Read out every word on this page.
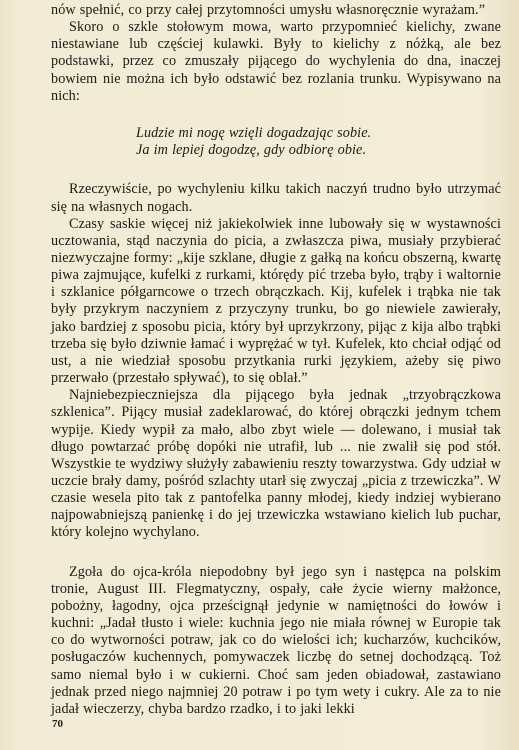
nów spełnić, co przy całej przytomności umysłu własnoręcznie wyrażam.”

Skoro o szkle stołowym mowa, warto przypomnieć kielichy, zwane niestawiane lub częściej kulawki. Były to kielichy z nóżką, ale bez podstawki, przez co zmuszały pijącego do wychylenia do dna, inaczej bowiem nie można ich było odstawić bez rozlania trunku. Wypisywano na nich:

Ludzie mi nogę wzięli dogadzając sobie.
Ja im lepiej dogodzę, gdy odbiorę obie.

Rzeczywiście, po wychyleniu kilku takich naczyń trudno było utrzymać się na własnych nogach.

Czasy saskie więcej niż jakiekolwiek inne lubowały się w wystawności ucztowania, stąd naczynia do picia, a zwłaszcza piwa, musiały przybierać niezwyczajne formy: „kije szklane, długie z gałką na końcu obszerną, kwartę piwa zajmujące, kufelki z rurkami, którędy pić trzeba było, trąby i waltornie i szklanice półgarncowe o trzech obrączkach. Kij, kufelek i trąbka nie tak były przykrym naczyniem z przyczyny trunku, bo go niewiele zawierały, jako bardziej z sposobu picia, który był uprzykrzony, pijąc z kija albo trąbki trzeba się było dziwnie łamać i wyprężać w tył. Kufelek, kto chciał odjąć od ust, a nie wiedział sposobu przytkania rurki językiem, ażeby się piwo przerwało (przestało spływać), to się oblał.”

Najniebezpieczniejsza dla pijącego była jednak „trzyobrączkowa szklenica”. Pijący musiał zadeklarować, do której obrączki jednym tchem wypije. Kiedy wypił za mało, albo zbyt wiele — dolewano, i musiał tak długo powtarzać próbę dopóki nie utrafił, lub ... nie zwalił się pod stół. Wszystkie te wydziwy służyły zabawieniu reszty towarzystwa. Gdy udział w uczcie brały damy, pośród szlachty utarł się zwyczaj „picia z trzewiczka”. W czasie wesela pito tak z pantofelka panny młodej, kiedy indziej wybierano najpowabniejszą panienkę i do jej trzewiczka wstawiano kielich lub puchar, który kolejno wychylano.

Zgoła do ojca-króla niepodobny był jego syn i następca na polskim tronie, August III. Flegmatyczny, ospały, całe życie wierny małżonce, pobożny, łagodny, ojca prześcignął jedynie w namiętności do łowów i kuchni: „Jadał tłusto i wiele: kuchnia jego nie miała równej w Europie tak co do wytworności potraw, jak co do wielości ich; kucharzów, kuchcików, posługaczów kuchennych, pomywaczek liczbę do setnej dochodzącą. Toż samo niemal było i w cukierni. Choć sam jeden obiadował, zastawiano jednak przed niego najmniej 20 potraw i po tym wety i cukry. Ale za to nie jadał wieczerzy, chyba bardzo rzadko, i to jaki lekki

70
